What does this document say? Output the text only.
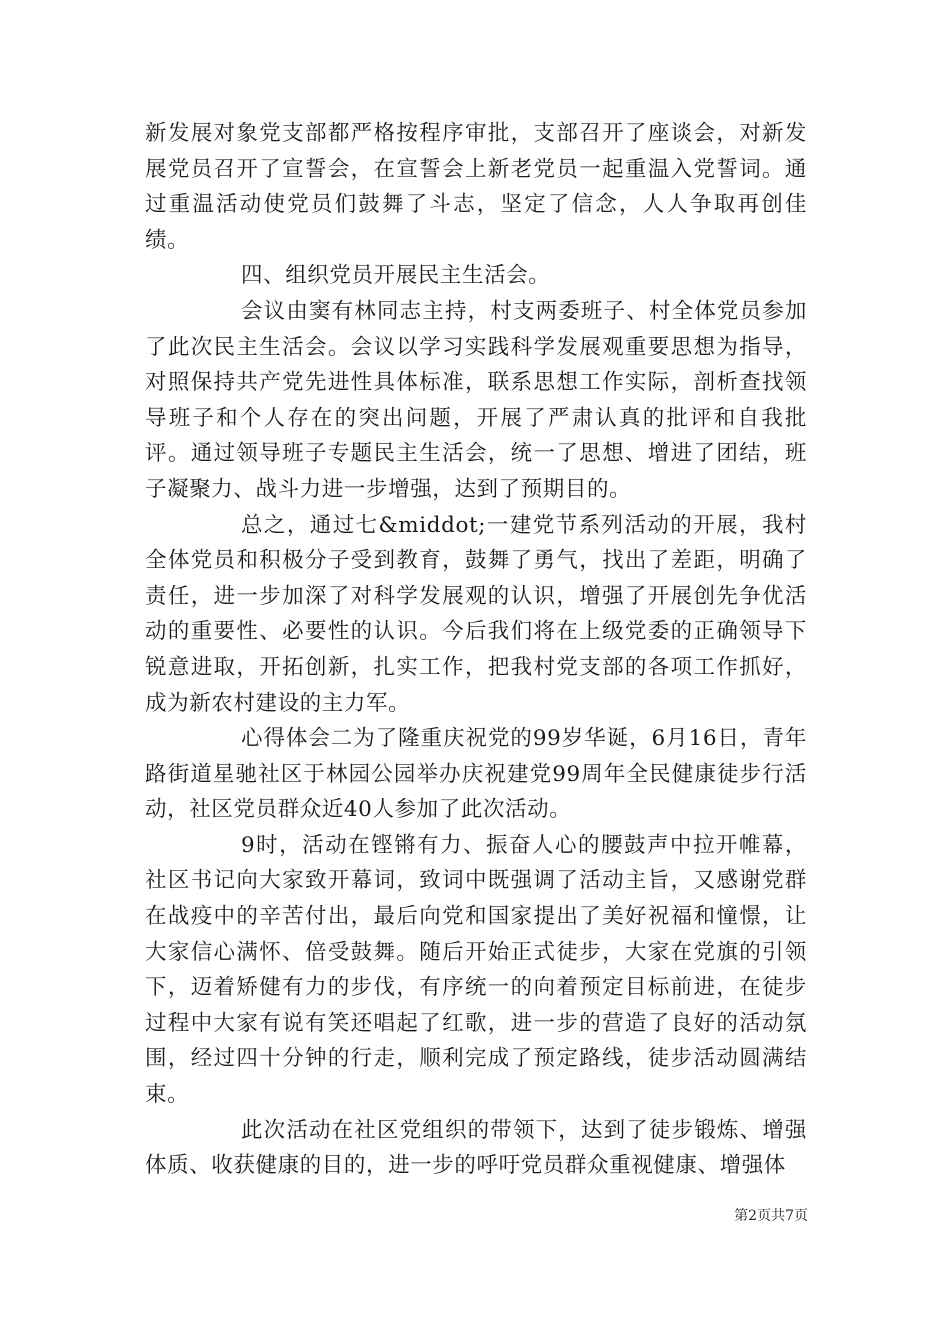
新发展对象党支部都严格按程序审批，支部召开了座谈会，对新发展党员召开了宣誓会，在宣誓会上新老党员一起重温入党誓词。通过重温活动使党员们鼓舞了斗志，坚定了信念，人人争取再创佳绩。

四、组织党员开展民主生活会。

会议由窦有林同志主持，村支两委班子、村全体党员参加了此次民主生活会。会议以学习实践科学发展观重要思想为指导，对照保持共产党先进性具体标准，联系思想工作实际，剖析查找领导班子和个人存在的突出问题，开展了严肃认真的批评和自我批评。通过领导班子专题民主生活会，统一了思想、增进了团结，班子凝聚力、战斗力进一步增强，达到了预期目的。

总之，通过七&middot;一建党节系列活动的开展，我村全体党员和积极分子受到教育，鼓舞了勇气，找出了差距，明确了责任，进一步加深了对科学发展观的认识，增强了开展创先争优活动的重要性、必要性的认识。今后我们将在上级党委的正确领导下锐意进取，开拓创新，扎实工作，把我村党支部的各项工作抓好，成为新农村建设的主力军。

心得体会二为了隆重庆祝党的99岁华诞，6月16日，青年路街道星驰社区于林园公园举办庆祝建党99周年全民健康徒步行活动，社区党员群众近40人参加了此次活动。

9时，活动在铿锵有力、振奋人心的腰鼓声中拉开帷幕，社区书记向大家致开幕词，致词中既强调了活动主旨，又感谢党群在战疫中的辛苦付出，最后向党和国家提出了美好祝福和憧憬，让大家信心满怀、倍受鼓舞。随后开始正式徒步，大家在党旗的引领下，迈着矫健有力的步伐，有序统一的向着预定目标前进，在徒步过程中大家有说有笑还唱起了红歌，进一步的营造了良好的活动氛围，经过四十分钟的行走，顺利完成了预定路线，徒步活动圆满结束。

此次活动在社区党组织的带领下，达到了徒步锻炼、增强体质、收获健康的目的，进一步的呼吁党员群众重视健康、增强体

第2页共7页
